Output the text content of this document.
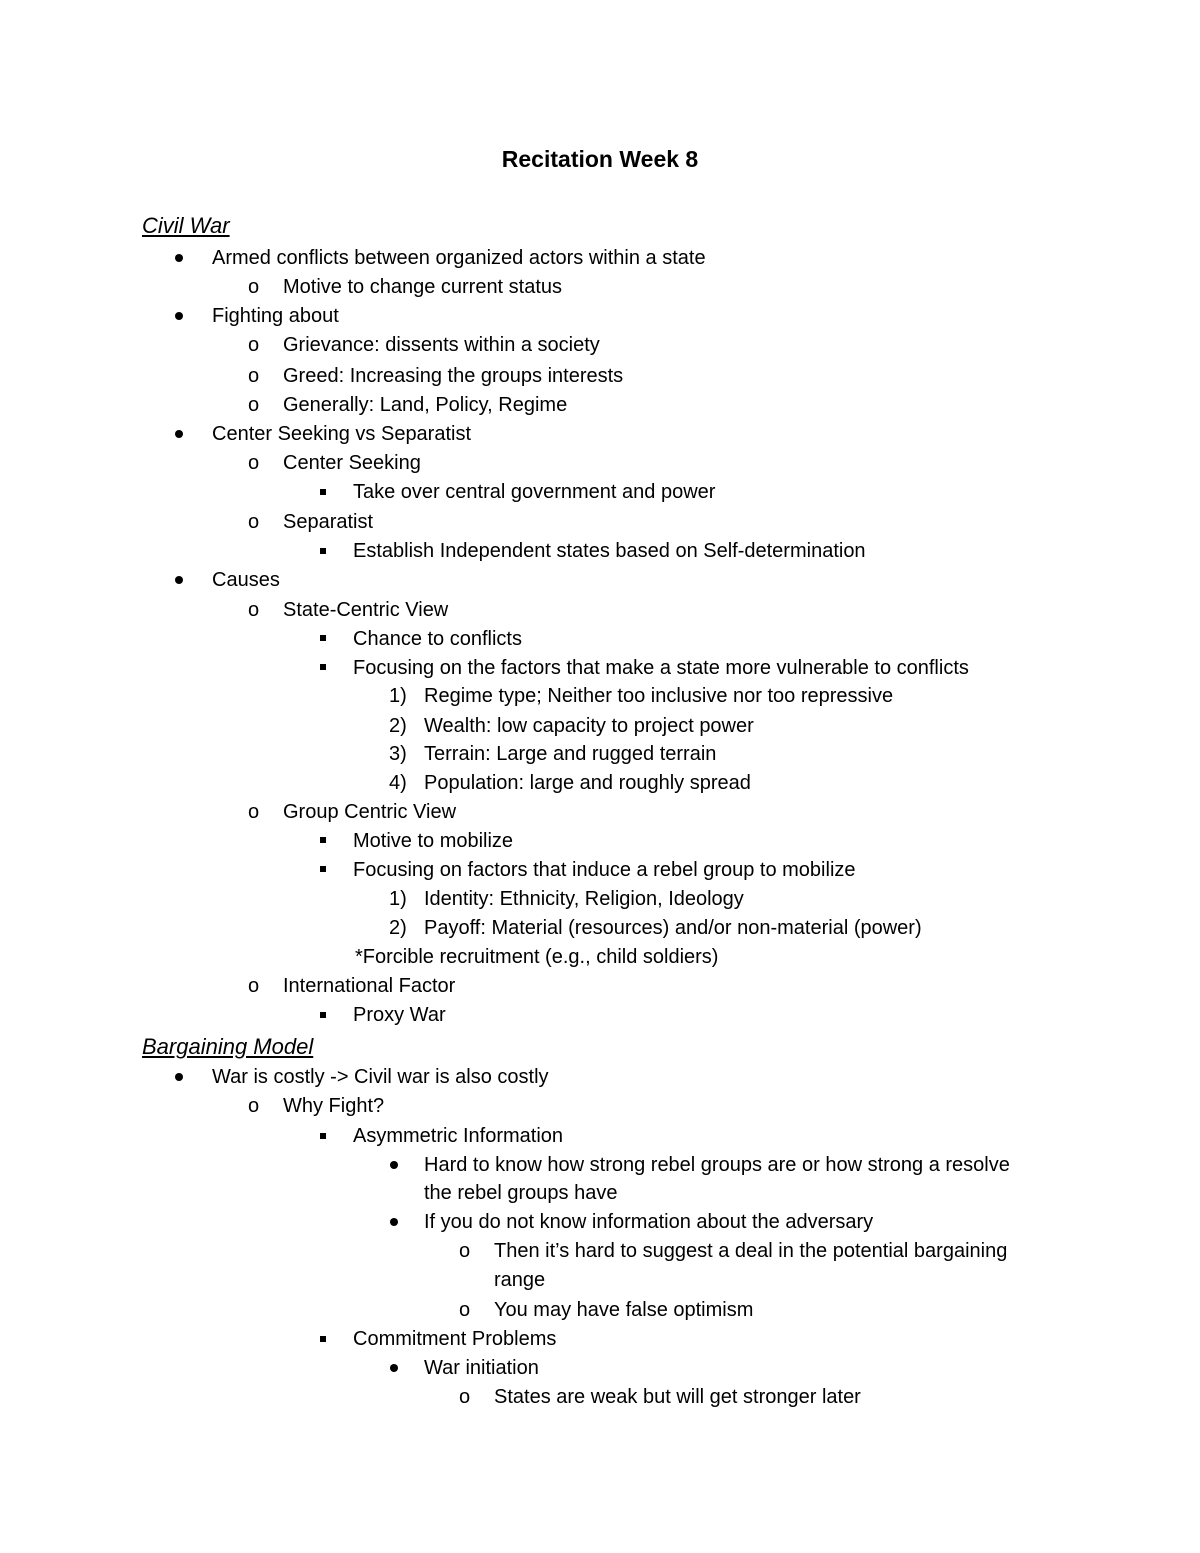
Recitation Week 8
Civil War
Armed conflicts between organized actors within a state
o Motive to change current status
Fighting about
o Grievance: dissents within a society
o Greed: Increasing the groups interests
o Generally: Land, Policy, Regime
Center Seeking vs Separatist
o Center Seeking
Take over central government and power
o Separatist
Establish Independent states based on Self-determination
Causes
o State-Centric View
Chance to conflicts
Focusing on the factors that make a state more vulnerable to conflicts
1) Regime type; Neither too inclusive nor too repressive
2) Wealth: low capacity to project power
3) Terrain: Large and rugged terrain
4) Population: large and roughly spread
o Group Centric View
Motive to mobilize
Focusing on factors that induce a rebel group to mobilize
1) Identity: Ethnicity, Religion, Ideology
2) Payoff: Material (resources) and/or non-material (power)
*Forcible recruitment (e.g., child soldiers)
o International Factor
Proxy War
Bargaining Model
War is costly -> Civil war is also costly
o Why Fight?
Asymmetric Information
Hard to know how strong rebel groups are or how strong a resolve
the rebel groups have
If you do not know information about the adversary
o Then it’s hard to suggest a deal in the potential bargaining
range
o You may have false optimism
Commitment Problems
War initiation
o States are weak but will get stronger later
